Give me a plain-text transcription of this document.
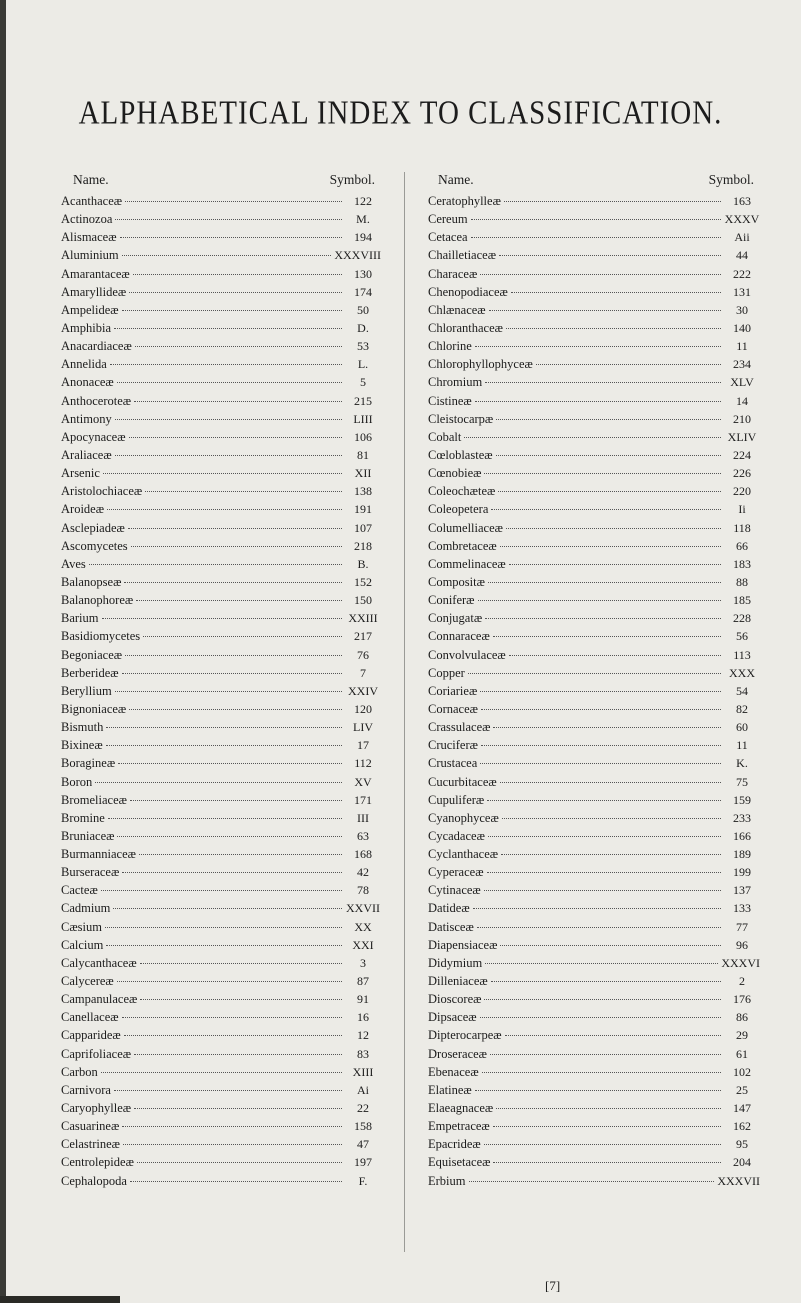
ALPHABETICAL INDEX TO CLASSIFICATION.
Name.	Symbol.
Acanthaceæ	122
Actinozoa	M.
Alismaceæ	194
Aluminium	XXXVIII
Amarantaceæ	130
Amaryllideæ	174
Ampelideæ	50
Amphibia	D.
Anacardiaceæ	53
Annelida	L.
Anonaceæ	5
Anthoceroteæ	215
Antimony	LIII
Apocynaceæ	106
Araliaceæ	81
Arsenic	XII
Aristolochiaceæ	138
Aroideæ	191
Asclepiadeæ	107
Ascomycetes	218
Aves	B.
Balanopseæ	152
Balanophoreæ	150
Barium	XXIII
Basidiomycetes	217
Begoniaceæ	76
Berberideæ	7
Beryllium	XXIV
Bignoniaceæ	120
Bismuth	LIV
Bixineæ	17
Boragineæ	112
Boron	XV
Bromeliaceæ	171
Bromine	III
Bruniaceæ	63
Burmanniaceæ	168
Burseraceæ	42
Cacteæ	78
Cadmium	XXVII
Cæsium	XX
Calcium	XXI
Calycanthaceæ	3
Calycereæ	87
Campanulaceæ	91
Canellaceæ	16
Capparideæ	12
Caprifoliaceæ	83
Carbon	XIII
Carnivora	Ai
Caryophylleæ	22
Casuarineæ	158
Celastrineæ	47
Centrolepideæ	197
Cephalopoda	F.
Name.	Symbol.
Ceratophylleæ	163
Cereum	XXXV
Cetacea	Aii
Chailletiaceæ	44
Characeæ	222
Chenopodiaceæ	131
Chlænaceæ	30
Chloranthaceæ	140
Chlorine	11
Chlorophyllophyceæ	234
Chromium	XLV
Cistineæ	14
Cleistocarpæ	210
Cobalt	XLIV
Cœloblasteæ	224
Cœnobieæ	226
Coleochæteæ	220
Coleopetera	Ii
Columelliaceæ	118
Combretaceæ	66
Commelinaceæ	183
Compositæ	88
Coniferæ	185
Conjugatæ	228
Connaraceæ	56
Convolvulaceæ	113
Copper	XXX
Coriarieæ	54
Cornaceæ	82
Crassulaceæ	60
Cruciferæ	11
Crustacea	K.
Cucurbitaceæ	75
Cupuliferæ	159
Cyanophyceæ	233
Cycadaceæ	166
Cyclanthaceæ	189
Cyperaceæ	199
Cytinaceæ	137
Datideæ	133
Datisceæ	77
Diapensiaceæ	96
Didymium	XXXVI
Dilleniaceæ	2
Dioscoreæ	176
Dipsaceæ	86
Dipterocarpeæ	29
Droseraceæ	61
Ebenaceæ	102
Elatineæ	25
Elaeagnaceæ	147
Empetraceæ	162
Epacrideæ	95
Equisetaceæ	204
Erbium	XXXVII
[7]
